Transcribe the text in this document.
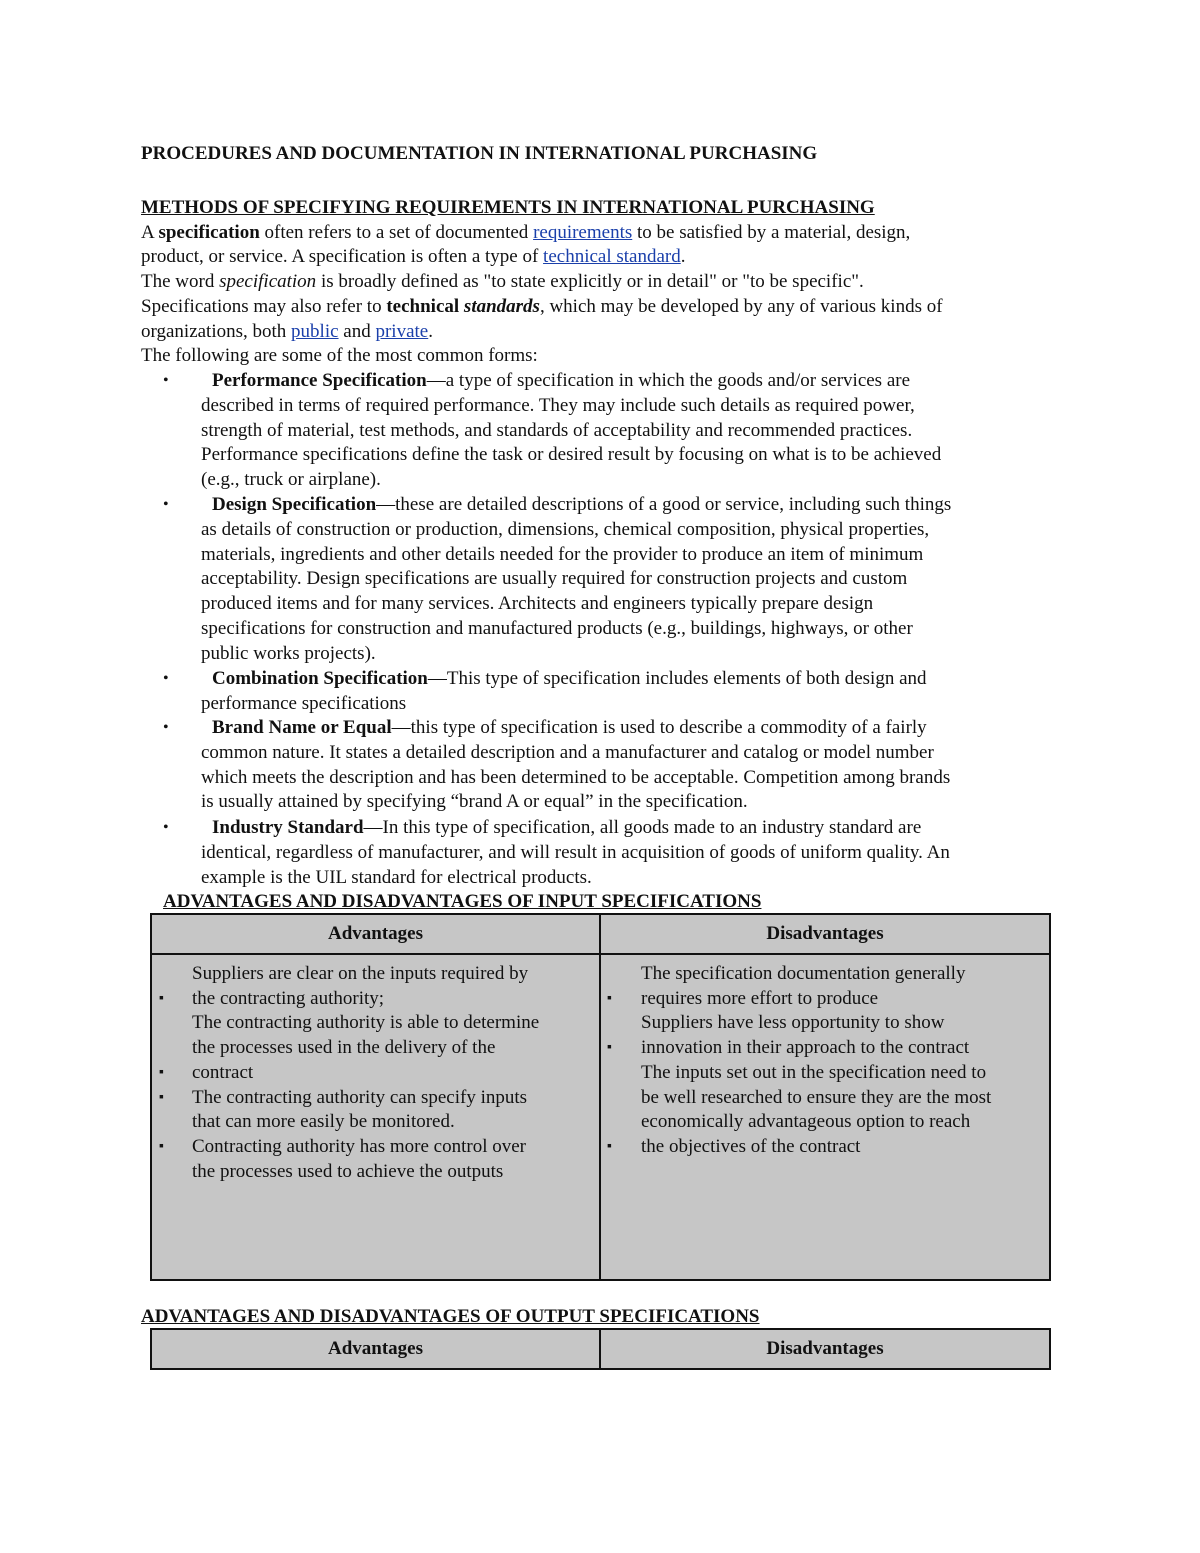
PROCEDURES AND DOCUMENTATION IN INTERNATIONAL PURCHASING
METHODS OF SPECIFYING REQUIREMENTS IN INTERNATIONAL PURCHASING
A specification often refers to a set of documented requirements to be satisfied by a material, design,
product, or service. A specification is often a type of technical standard.
The word specification is broadly defined as "to state explicitly or in detail" or "to be specific".
Specifications may also refer to technical standards, which may be developed by any of various kinds of
organizations, both public and private.
The following are some of the most common forms:
• Performance Specification—a type of specification in which the goods and/or services are
described in terms of required performance. They may include such details as required power,
strength of material, test methods, and standards of acceptability and recommended practices.
Performance specifications define the task or desired result by focusing on what is to be achieved
(e.g., truck or airplane).
• Design Specification—these are detailed descriptions of a good or service, including such things
as details of construction or production, dimensions, chemical composition, physical properties,
materials, ingredients and other details needed for the provider to produce an item of minimum
acceptability. Design specifications are usually required for construction projects and custom
produced items and for many services. Architects and engineers typically prepare design
specifications for construction and manufactured products (e.g., buildings, highways, or other
public works projects).
• Combination Specification—This type of specification includes elements of both design and
performance specifications
• Brand Name or Equal—this type of specification is used to describe a commodity of a fairly
common nature. It states a detailed description and a manufacturer and catalog or model number
which meets the description and has been determined to be acceptable. Competition among brands
is usually attained by specifying “brand A or equal” in the specification.
• Industry Standard—In this type of specification, all goods made to an industry standard are
identical, regardless of manufacturer, and will result in acquisition of goods of uniform quality. An
example is the UIL standard for electrical products.
ADVANTAGES AND DISADVANTAGES OF INPUT SPECIFICATIONS
Advantages	Disadvantages
Suppliers are clear on the inputs required by
the contracting authority;
The contracting authority is able to determine
the processes used in the delivery of the
contract
The contracting authority can specify inputs
that can more easily be monitored.
Contracting authority has more control over
the processes used to achieve the outputs
▪
▪
▪
▪
The specification documentation generally
requires more effort to produce
Suppliers have less opportunity to show
innovation in their approach to the contract
The inputs set out in the specification need to
be well researched to ensure they are the most
economically advantageous option to reach
the objectives of the contract
▪
▪
▪
ADVANTAGES AND DISADVANTAGES OF OUTPUT SPECIFICATIONS
Advantages	Disadvantages
